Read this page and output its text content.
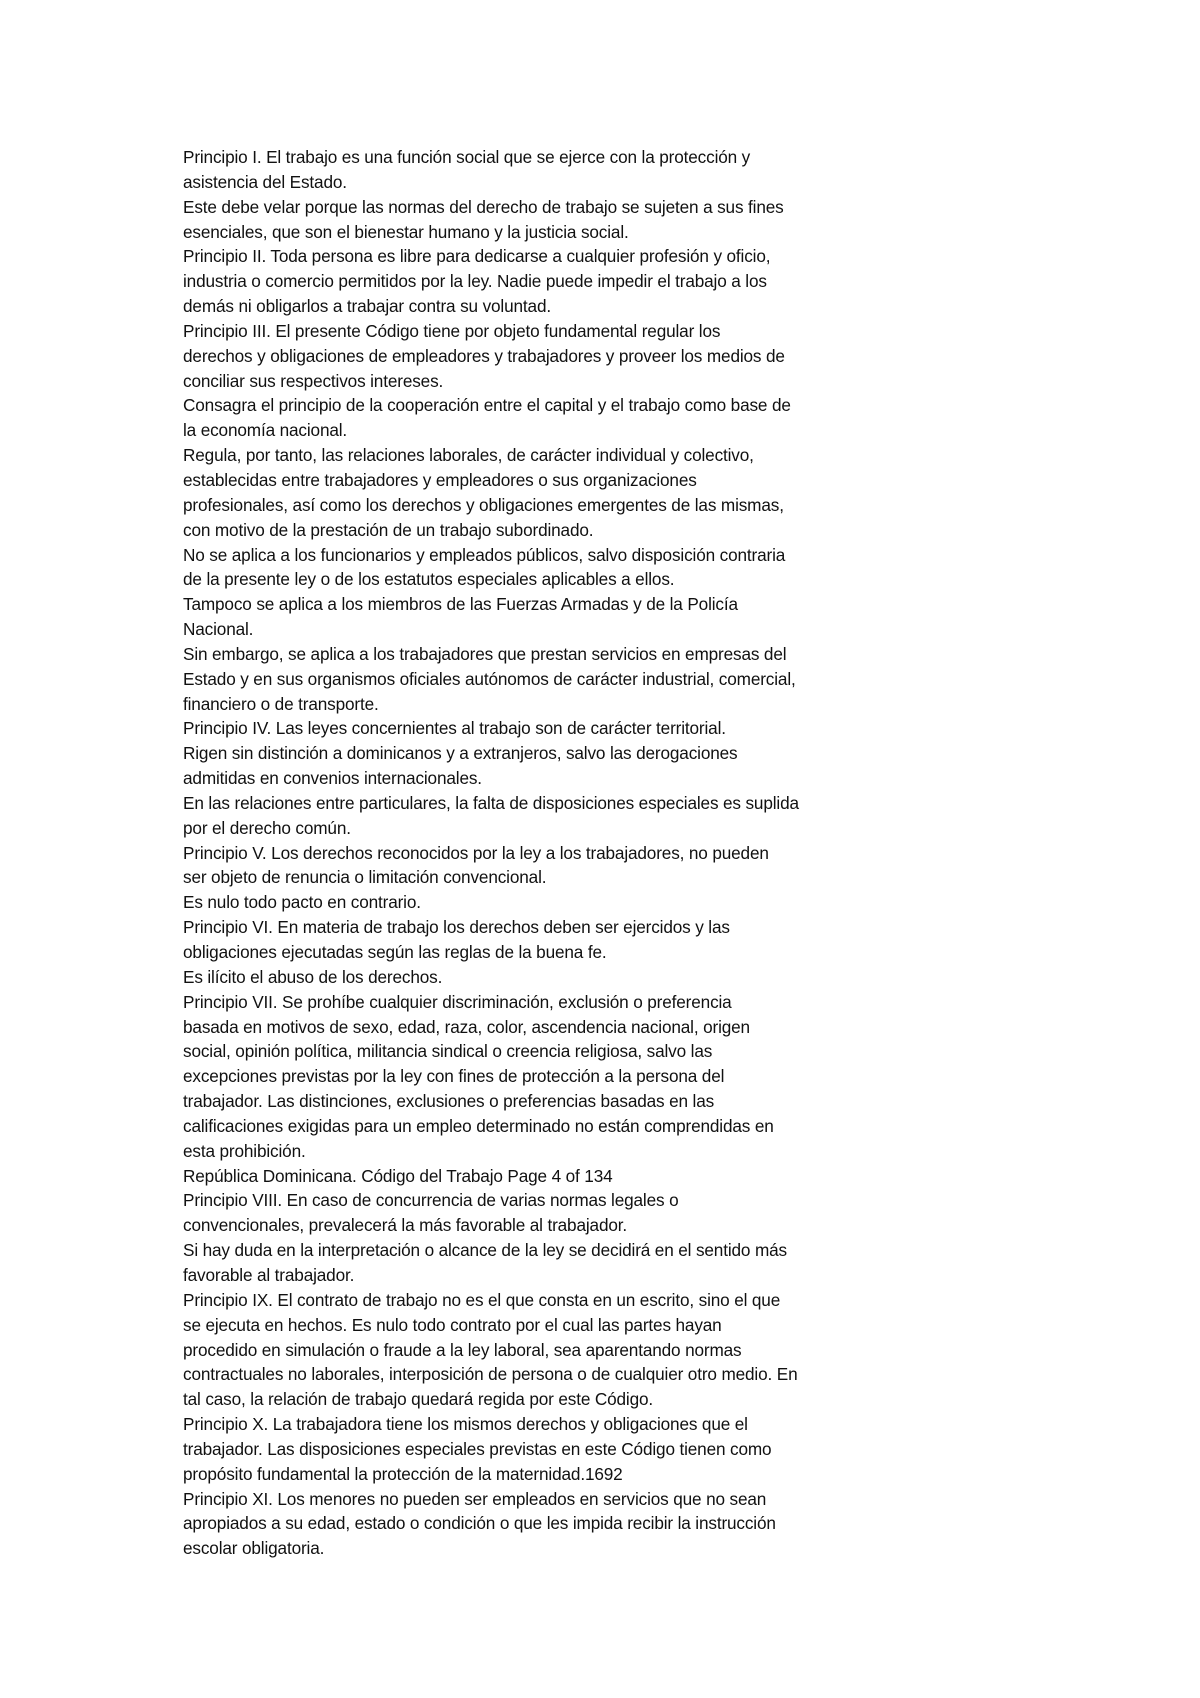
Principio I. El trabajo es una función social que se ejerce con la protección y
asistencia del Estado.
Este debe velar porque las normas del derecho de trabajo se sujeten a sus fines
esenciales, que son el bienestar humano y la justicia social.
Principio II. Toda persona es libre para dedicarse a cualquier profesión y oficio,
industria o comercio permitidos por la ley. Nadie puede impedir el trabajo a los
demás ni obligarlos a trabajar contra su voluntad.
Principio III. El presente Código tiene por objeto fundamental regular los
derechos y obligaciones de empleadores y trabajadores y proveer los medios de
conciliar sus respectivos intereses.
Consagra el principio de la cooperación entre el capital y el trabajo como base de
la economía nacional.
Regula, por tanto, las relaciones laborales, de carácter individual y colectivo,
establecidas entre trabajadores y empleadores o sus organizaciones
profesionales, así como los derechos y obligaciones emergentes de las mismas,
con motivo de la prestación de un trabajo subordinado.
No se aplica a los funcionarios y empleados públicos, salvo disposición contraria
de la presente ley o de los estatutos especiales aplicables a ellos.
Tampoco se aplica a los miembros de las Fuerzas Armadas y de la Policía
Nacional.
Sin embargo, se aplica a los trabajadores que prestan servicios en empresas del
Estado y en sus organismos oficiales autónomos de carácter industrial, comercial,
financiero o de transporte.
Principio IV. Las leyes concernientes al trabajo son de carácter territorial.
Rigen sin distinción a dominicanos y a extranjeros, salvo las derogaciones
admitidas en convenios internacionales.
En las relaciones entre particulares, la falta de disposiciones especiales es suplida
por el derecho común.
Principio V. Los derechos reconocidos por la ley a los trabajadores, no pueden
ser objeto de renuncia o limitación convencional.
Es nulo todo pacto en contrario.
Principio VI. En materia de trabajo los derechos deben ser ejercidos y las
obligaciones ejecutadas según las reglas de la buena fe.
Es ilícito el abuso de los derechos.
Principio VII. Se prohíbe cualquier discriminación, exclusión o preferencia
basada en motivos de sexo, edad, raza, color, ascendencia nacional, origen
social, opinión política, militancia sindical o creencia religiosa, salvo las
excepciones previstas por la ley con fines de protección a la persona del
trabajador. Las distinciones, exclusiones o preferencias basadas en las
calificaciones exigidas para un empleo determinado no están comprendidas en
esta prohibición.
República Dominicana. Código del Trabajo Page 4 of 134
Principio VIII. En caso de concurrencia de varias normas legales o
convencionales, prevalecerá la más favorable al trabajador.
Si hay duda en la interpretación o alcance de la ley se decidirá en el sentido más
favorable al trabajador.
Principio IX. El contrato de trabajo no es el que consta en un escrito, sino el que
se ejecuta en hechos. Es nulo todo contrato por el cual las partes hayan
procedido en simulación o fraude a la ley laboral, sea aparentando normas
contractuales no laborales, interposición de persona o de cualquier otro medio. En
tal caso, la relación de trabajo quedará regida por este Código.
Principio X. La trabajadora tiene los mismos derechos y obligaciones que el
trabajador. Las disposiciones especiales previstas en este Código tienen como
propósito fundamental la protección de la maternidad.1692
Principio XI. Los menores no pueden ser empleados en servicios que no sean
apropiados a su edad, estado o condición o que les impida recibir la instrucción
escolar obligatoria.
